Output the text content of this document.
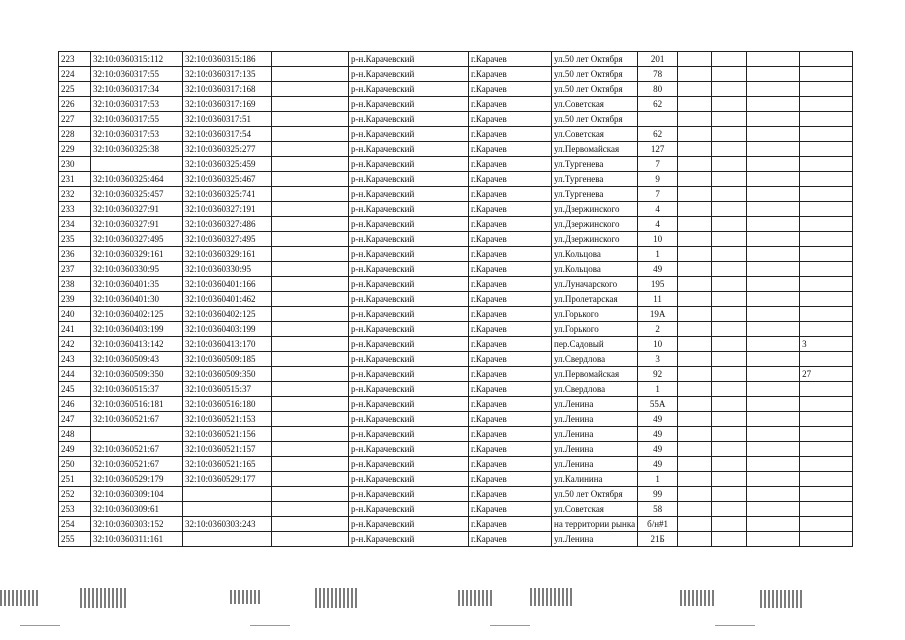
223	32:10:0360315:112	32:10:0360315:186		р-н.Карачевский	г.Карачев	ул.50 лет Октября	201				
224	32:10:0360317:55	32:10:0360317:135		р-н.Карачевский	г.Карачев	ул.50 лет Октября	78				
225	32:10:0360317:34	32:10:0360317:168		р-н.Карачевский	г.Карачев	ул.50 лет Октября	80				
226	32:10:0360317:53	32:10:0360317:169		р-н.Карачевский	г.Карачев	ул.Советская	62				
227	32:10:0360317:55	32:10:0360317:51		р-н.Карачевский	г.Карачев	ул.50 лет Октября					
228	32:10:0360317:53	32:10:0360317:54		р-н.Карачевский	г.Карачев	ул.Советская	62				
229	32:10:0360325:38	32:10:0360325:277		р-н.Карачевский	г.Карачев	ул.Первомайская	127				
230		32:10:0360325:459		р-н.Карачевский	г.Карачев	ул.Тургенева	7				
231	32:10:0360325:464	32:10:0360325:467		р-н.Карачевский	г.Карачев	ул.Тургенева	9				
232	32:10:0360325:457	32:10:0360325:741		р-н.Карачевский	г.Карачев	ул.Тургенева	7				
233	32:10:0360327:91	32:10:0360327:191		р-н.Карачевский	г.Карачев	ул.Дзержинского	4				
234	32:10:0360327:91	32:10:0360327:486		р-н.Карачевский	г.Карачев	ул.Дзержинского	4				
235	32:10:0360327:495	32:10:0360327:495		р-н.Карачевский	г.Карачев	ул.Дзержинского	10				
236	32:10:0360329:161	32:10:0360329:161		р-н.Карачевский	г.Карачев	ул.Кольцова	1				
237	32:10:0360330:95	32:10:0360330:95		р-н.Карачевский	г.Карачев	ул.Кольцова	49				
238	32:10:0360401:35	32:10:0360401:166		р-н.Карачевский	г.Карачев	ул.Луначарского	195				
239	32:10:0360401:30	32:10:0360401:462		р-н.Карачевский	г.Карачев	ул.Пролетарская	11				
240	32:10:0360402:125	32:10:0360402:125		р-н.Карачевский	г.Карачев	ул.Горького	19А				
241	32:10:0360403:199	32:10:0360403:199		р-н.Карачевский	г.Карачев	ул.Горького	2				
242	32:10:0360413:142	32:10:0360413:170		р-н.Карачевский	г.Карачев	пер.Садовый	10				3
243	32:10:0360509:43	32:10:0360509:185		р-н.Карачевский	г.Карачев	ул.Свердлова	3				
244	32:10:0360509:350	32:10:0360509:350		р-н.Карачевский	г.Карачев	ул.Первомайская	92				27
245	32:10:0360515:37	32:10:0360515:37		р-н.Карачевский	г.Карачев	ул.Свердлова	1				
246	32:10:0360516:181	32:10:0360516:180		р-н.Карачевский	г.Карачев	ул.Ленина	55А				
247	32:10:0360521:67	32:10:0360521:153		р-н.Карачевский	г.Карачев	ул.Ленина	49				
248		32:10:0360521:156		р-н.Карачевский	г.Карачев	ул.Ленина	49				
249	32:10:0360521:67	32:10:0360521:157		р-н.Карачевский	г.Карачев	ул.Ленина	49				
250	32:10:0360521:67	32:10:0360521:165		р-н.Карачевский	г.Карачев	ул.Ленина	49				
251	32:10:0360529:179	32:10:0360529:177		р-н.Карачевский	г.Карачев	ул.Калинина	1				
252	32:10:0360309:104			р-н.Карачевский	г.Карачев	ул.50 лет Октября	99				
253	32:10:0360309:61			р-н.Карачевский	г.Карачев	ул.Советская	58				
254	32:10:0360303:152	32:10:0360303:243		р-н.Карачевский	г.Карачев	на территории рынка	б/н#1				
255	32:10:0360311:161			р-н.Карачевский	г.Карачев	ул.Ленина	21Б				
